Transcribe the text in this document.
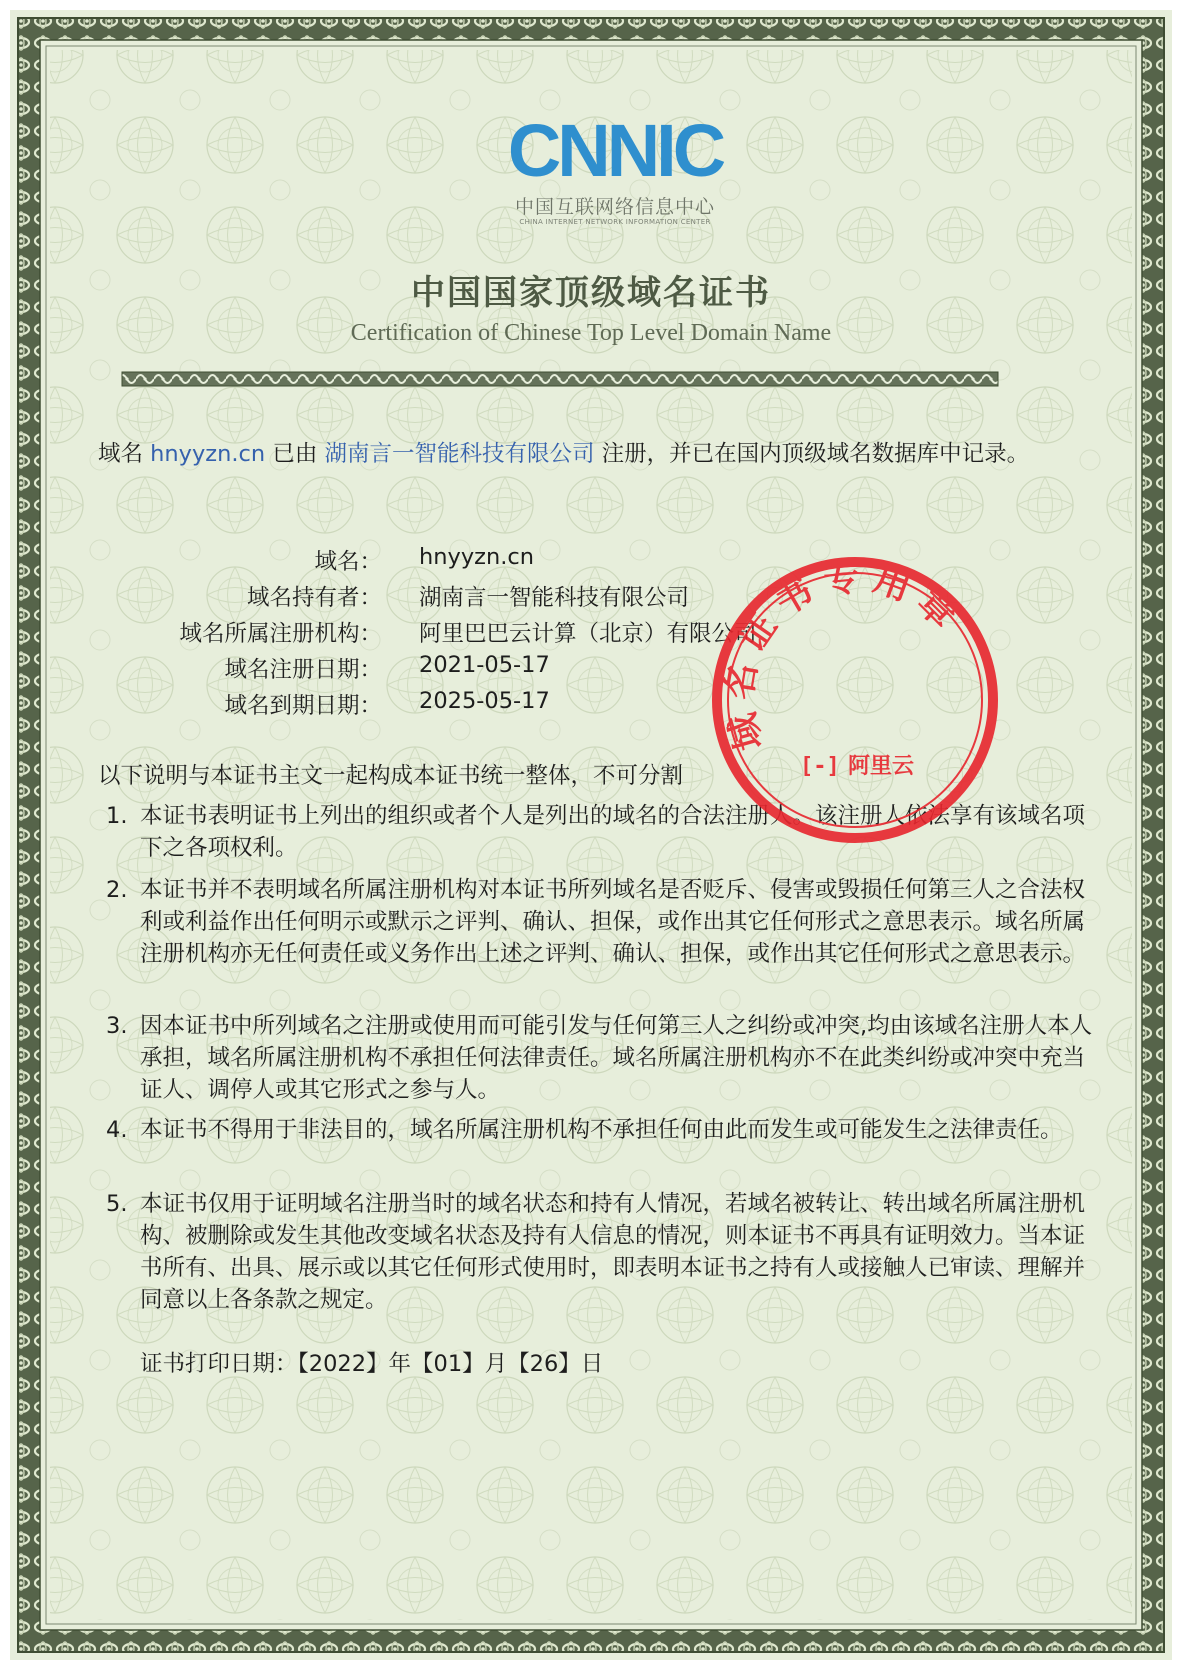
CNNIC
中国互联网络信息中心
CHINA INTERNET NETWORK INFORMATION CENTER
中国国家顶级域名证书
Certification of Chinese Top Level Domain Name
域名 hnyyzn.cn 已由 湖南言一智能科技有限公司 注册，并已在国内顶级域名数据库中记录。
域名： hnyyzn.cn
域名持有者： 湖南言一智能科技有限公司
域名所属注册机构： 阿里巴巴云计算（北京）有限公司
域名注册日期： 2021-05-17
域名到期日期： 2025-05-17
以下说明与本证书主文一起构成本证书统一整体，不可分割
1. 本证书表明证书上列出的组织或者个人是列出的域名的合法注册人。该注册人依法享有该域名项下之各项权利。
2. 本证书并不表明域名所属注册机构对本证书所列域名是否贬斥、侵害或毁损任何第三人之合法权利或利益作出任何明示或默示之评判、确认、担保，或作出其它任何形式之意思表示。域名所属注册机构亦无任何责任或义务作出上述之评判、确认、担保，或作出其它任何形式之意思表示。
3. 因本证书中所列域名之注册或使用而可能引发与任何第三人之纠纷或冲突,均由该域名注册人本人承担，域名所属注册机构不承担任何法律责任。域名所属注册机构亦不在此类纠纷或冲突中充当证人、调停人或其它形式之参与人。
4. 本证书不得用于非法目的，域名所属注册机构不承担任何由此而发生或可能发生之法律责任。
5. 本证书仅用于证明域名注册当时的域名状态和持有人情况，若域名被转让、转出域名所属注册机构、被删除或发生其他改变域名状态及持有人信息的情况，则本证书不再具有证明效力。当本证书所有、出具、展示或以其它任何形式使用时，即表明本证书之持有人或接触人已审读、理解并同意以上各条款之规定。
证书打印日期：【2022】年【01】月【26】日
域名证书专用章
[-] 阿里云
